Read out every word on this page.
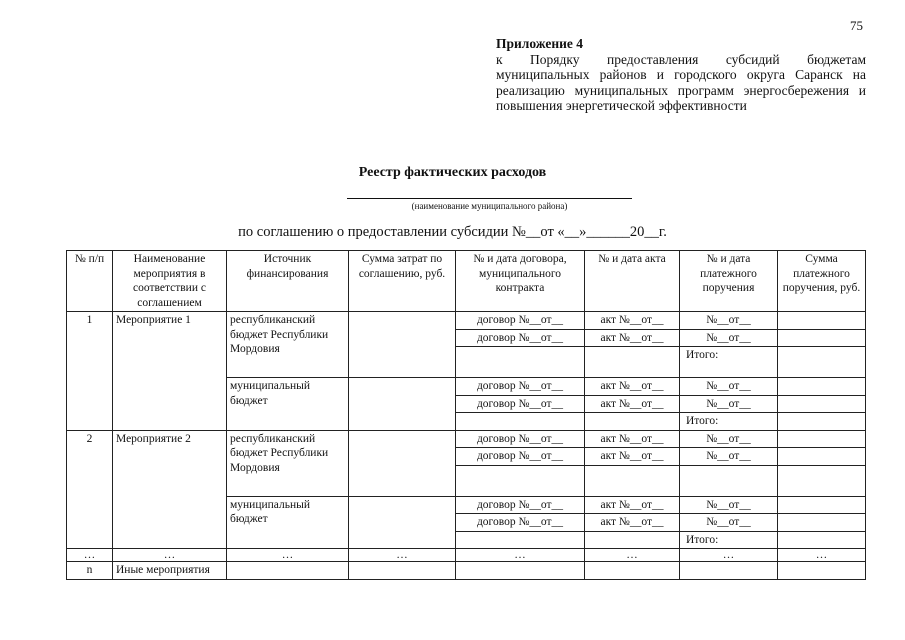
75
Приложение 4
к Порядку предоставления субсидий бюджетам муниципальных районов и городского округа Саранск на реализацию муниципальных программ энергосбережения и повышения энергетической эффективности
Реестр фактических расходов
(наименование муниципального района)
по соглашению о предоставлении субсидии №__от «__»______20__г.
№ п/п	Наименование мероприятия в соответствии с соглашением	Источник финансирования	Сумма затрат по соглашению, руб.	№ и дата договора, муниципального контракта	№ и дата акта	№ и дата платежного поручения	Сумма платежного поручения, руб.
1	Мероприятие 1	республиканский бюджет Республики Мордовия		договор №__от__	акт №__от__	№__от__	
				договор №__от__	акт №__от__	№__от__	
						Итого:	
		муниципальный бюджет		договор №__от__	акт №__от__	№__от__	
				договор №__от__	акт №__от__	№__от__	
						Итого:	
2	Мероприятие 2	республиканский бюджет Республики Мордовия		договор №__от__	акт №__от__	№__от__	
				договор №__от__	акт №__от__	№__от__	

		муниципальный бюджет		договор №__от__	акт №__от__	№__от__	
				договор №__от__	акт №__от__	№__от__	
						Итого:	
…	…	…	…	…	…	…	…
n	Иные мероприятия						
